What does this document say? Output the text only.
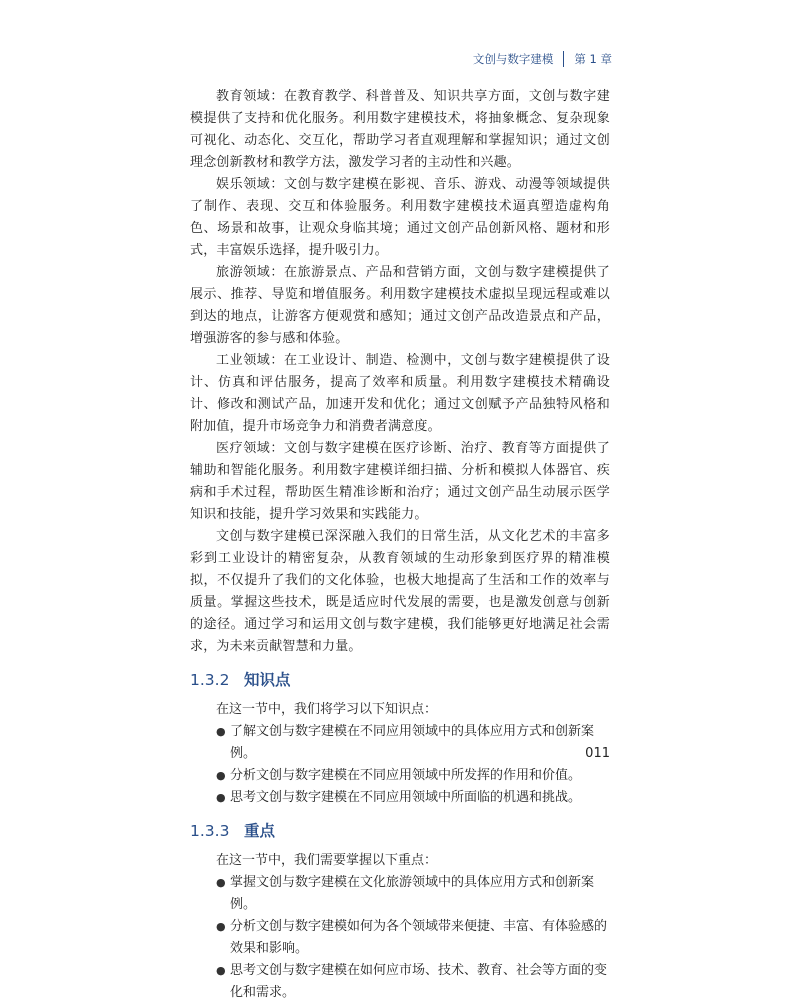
文创与数字建模 第 1 章

教育领域：在教育教学、科普普及、知识共享方面，文创与数字建模提供了支持和优化服务。利用数字建模技术，将抽象概念、复杂现象可视化、动态化、交互化，帮助学习者直观理解和掌握知识；通过文创理念创新教材和教学方法，激发学习者的主动性和兴趣。

娱乐领域：文创与数字建模在影视、音乐、游戏、动漫等领域提供了制作、表现、交互和体验服务。利用数字建模技术逼真塑造虚构角色、场景和故事，让观众身临其境；通过文创产品创新风格、题材和形式，丰富娱乐选择，提升吸引力。

旅游领域：在旅游景点、产品和营销方面，文创与数字建模提供了展示、推荐、导览和增值服务。利用数字建模技术虚拟呈现远程或难以到达的地点，让游客方便观赏和感知；通过文创产品改造景点和产品，增强游客的参与感和体验。

工业领域：在工业设计、制造、检测中，文创与数字建模提供了设计、仿真和评估服务，提高了效率和质量。利用数字建模技术精确设计、修改和测试产品，加速开发和优化；通过文创赋予产品独特风格和附加值，提升市场竞争力和消费者满意度。

医疗领域：文创与数字建模在医疗诊断、治疗、教育等方面提供了辅助和智能化服务。利用数字建模详细扫描、分析和模拟人体器官、疾病和手术过程，帮助医生精准诊断和治疗；通过文创产品生动展示医学知识和技能，提升学习效果和实践能力。

文创与数字建模已深深融入我们的日常生活，从文化艺术的丰富多彩到工业设计的精密复杂，从教育领域的生动形象到医疗界的精准模拟，不仅提升了我们的文化体验，也极大地提高了生活和工作的效率与质量。掌握这些技术，既是适应时代发展的需要，也是激发创意与创新的途径。通过学习和运用文创与数字建模，我们能够更好地满足社会需求，为未来贡献智慧和力量。

1.3.2 知识点

在这一节中，我们将学习以下知识点：

● 了解文创与数字建模在不同应用领域中的具体应用方式和创新案例。
● 分析文创与数字建模在不同应用领域中所发挥的作用和价值。
● 思考文创与数字建模在不同应用领域中所面临的机遇和挑战。
1.3.3 重点

在这一节中，我们需要掌握以下重点：

● 掌握文创与数字建模在文化旅游领域中的具体应用方式和创新案例。
● 分析文创与数字建模如何为各个领域带来便捷、丰富、有体验感的效果和影响。
● 思考文创与数字建模在如何应市场、技术、教育、社会等方面的变化和需求。
011
